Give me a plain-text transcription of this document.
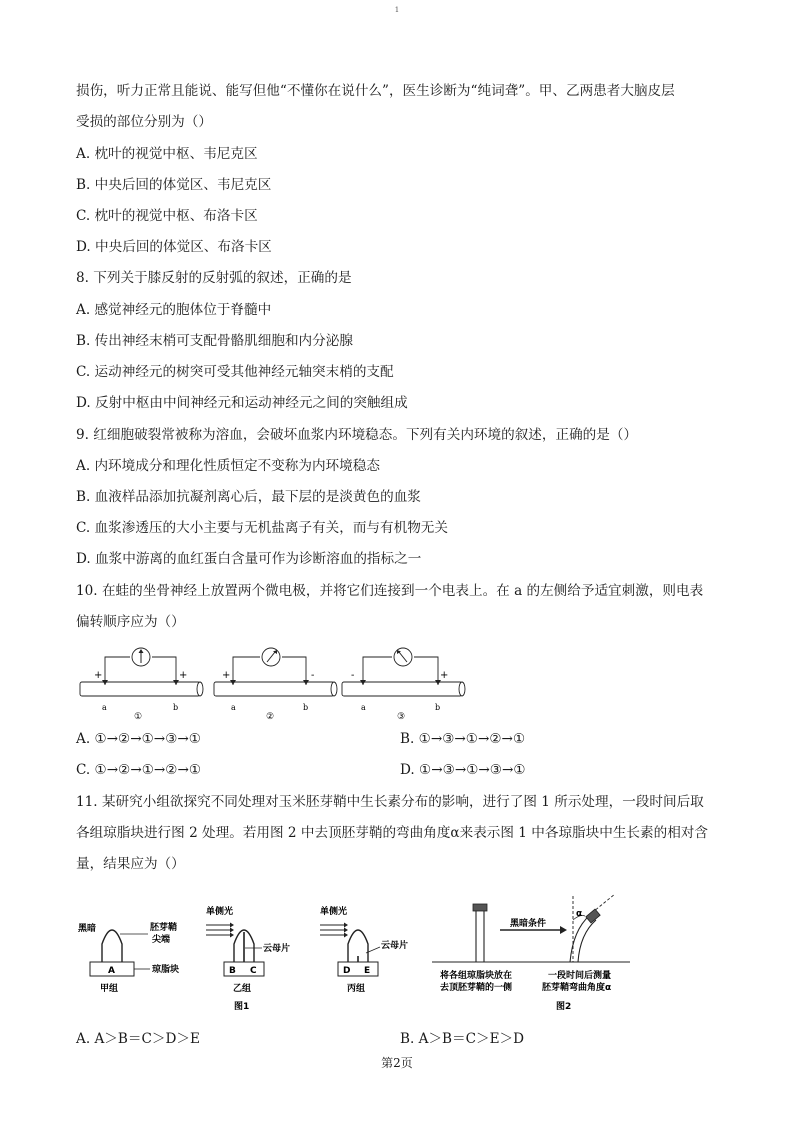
1
损伤，听力正常且能说、能写但他“不懂你在说什么”，医生诊断为“纯词聋”。甲、乙两患者大脑皮层
受损的部位分别为（）
A. 枕叶的视觉中枢、韦尼克区
B. 中央后回的体觉区、韦尼克区
C. 枕叶的视觉中枢、布洛卡区
D. 中央后回的体觉区、布洛卡区
8. 下列关于膝反射的反射弧的叙述，正确的是
A. 感觉神经元的胞体位于脊髓中
B. 传出神经末梢可支配骨骼肌细胞和内分泌腺
C. 运动神经元的树突可受其他神经元轴突末梢的支配
D. 反射中枢由中间神经元和运动神经元之间的突触组成
9. 红细胞破裂常被称为溶血，会破坏血浆内环境稳态。下列有关内环境的叙述，正确的是（）
A. 内环境成分和理化性质恒定不变称为内环境稳态
B. 血液样品添加抗凝剂离心后，最下层的是淡黄色的血浆
C. 血浆渗透压的大小主要与无机盐离子有关，而与有机物无关
D. 血浆中游离的血红蛋白含量可作为诊断溶血的指标之一
10. 在蛙的坐骨神经上放置两个微电极，并将它们连接到一个电表上。在 a 的左侧给予适宜刺激，则电表
偏转顺序应为（）
+	+
a	b
①
+	-
a	b
②
-	+
a	b
③
A. ①→②→①→③→①	B. ①→③→①→②→①
C. ①→②→①→②→①	D. ①→③→①→③→①
11. 某研究小组欲探究不同处理对玉米胚芽鞘中生长素分布的影响，进行了图 1 所示处理，一段时间后取
各组琼脂块进行图 2 处理。若用图 2 中去顶胚芽鞘的弯曲角度α来表示图 1 中各琼脂块中生长素的相对含
量，结果应为（）
黑暗	胚芽鞘
尖端
A	琼脂块
甲组
单侧光
云母片
B C
乙组
图1
单侧光
云母片
D E
丙组
黑暗条件
α
将各组琼脂块放在
去顶胚芽鞘的一侧
一段时间后测量
胚芽鞘弯曲角度α
图2
A. A＞B＝C＞D＞E	B. A＞B＝C＞E＞D
第2页
